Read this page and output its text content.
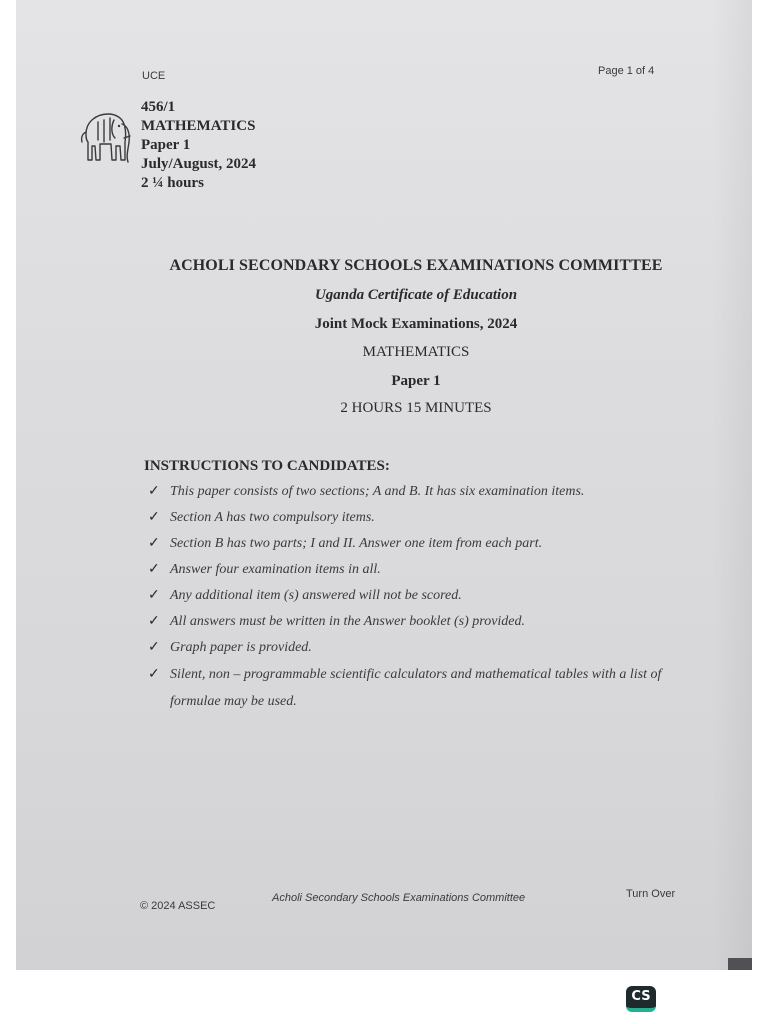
UCE	Page 1 of 4
456/1
MATHEMATICS
Paper 1
July/August, 2024
2 ¼ hours
ACHOLI SECONDARY SCHOOLS EXAMINATIONS COMMITTEE
Uganda Certificate of Education
Joint Mock Examinations, 2024
MATHEMATICS
Paper 1
2 HOURS 15 MINUTES
INSTRUCTIONS TO CANDIDATES:
✓ This paper consists of two sections; A and B. It has six examination items.
✓ Section A has two compulsory items.
✓ Section B has two parts; I and II. Answer one item from each part.
✓ Answer four examination items in all.
✓ Any additional item (s) answered will not be scored.
✓ All answers must be written in the Answer booklet (s) provided.
✓ Graph paper is provided.
✓ Silent, non – programmable scientific calculators and mathematical tables with a list of formulae may be used.
© 2024 ASSEC
Acholi Secondary Schools Examinations Committee	Turn Over
CS
